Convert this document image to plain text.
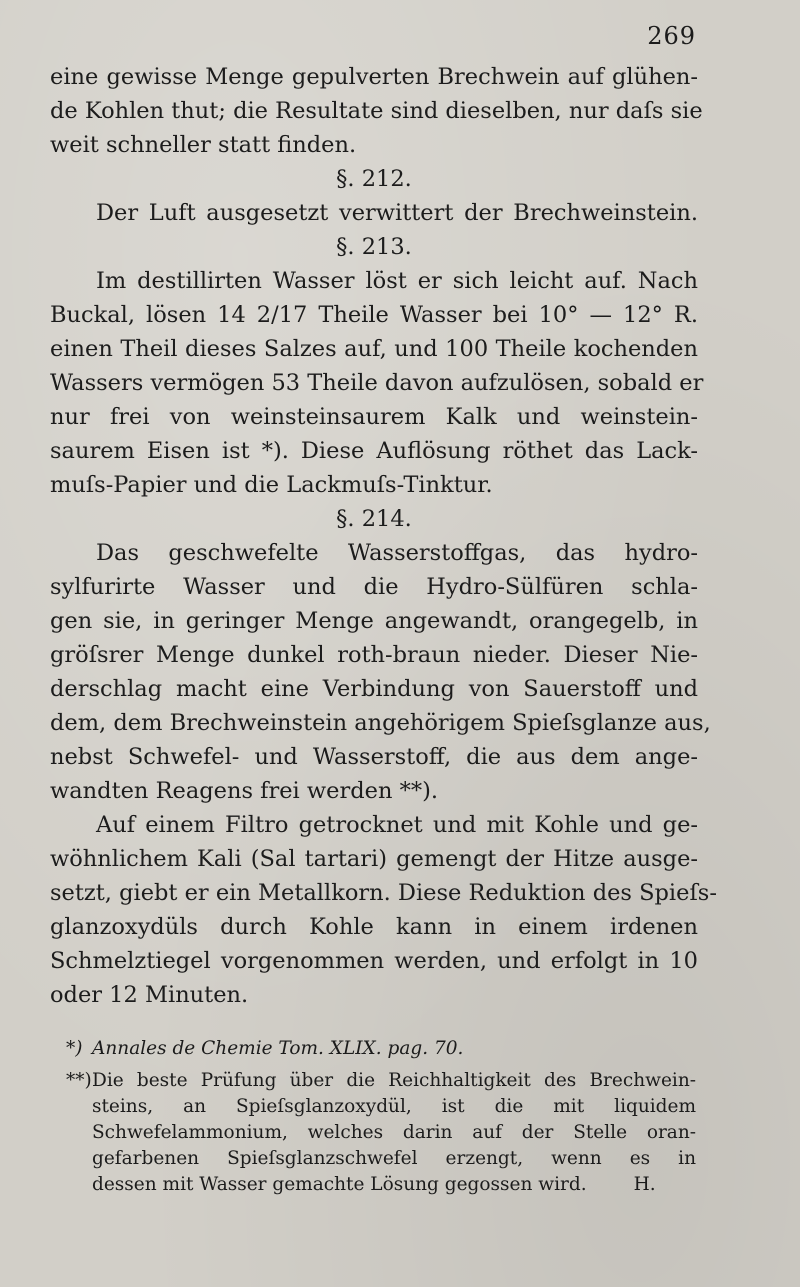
269
eine gewisse Menge gepulverten Brechwein auf glühen-
de Kohlen thut; die Resultate sind dieselben, nur daſs sie
weit schneller statt finden.
§. 212.
Der Luft ausgesetzt verwittert der Brechweinstein.
§. 213.
Im destillirten Wasser löst er sich leicht auf. Nach
Buckal, lösen 14 2/17 Theile Wasser bei 10° — 12° R.
einen Theil dieses Salzes auf, und 100 Theile kochenden
Wassers vermögen 53 Theile davon aufzulösen, sobald er
nur frei von weinsteinsaurem Kalk und weinstein-
saurem Eisen ist *). Diese Auflösung röthet das Lack-
muſs-Papier und die Lackmuſs-Tinktur.
§. 214.
Das geschwefelte Wasserstoffgas, das hydro-
sylfurirte Wasser und die Hydro-Sülfüren schla-
gen sie, in geringer Menge angewandt, orangegelb, in
gröſsrer Menge dunkel roth-braun nieder. Dieser Nie-
derschlag macht eine Verbindung von Sauerstoff und
dem, dem Brechweinstein angehörigem Spieſsglanze aus,
nebst Schwefel- und Wasserstoff, die aus dem ange-
wandten Reagens frei werden **).
Auf einem Filtro getrocknet und mit Kohle und ge-
wöhnlichem Kali (Sal tartari) gemengt der Hitze ausge-
setzt, giebt er ein Metallkorn. Diese Reduktion des Spieſs-
glanzoxydüls durch Kohle kann in einem irdenen
Schmelztiegel vorgenommen werden, und erfolgt in 10
oder 12 Minuten.
*) Annales de Chemie Tom. XLIX. pag. 70.
**)Die beste Prüfung über die Reichhaltigkeit des Brechwein-
steins, an Spieſsglanzoxydül, ist die mit liquidem
Schwefelammonium, welches darin auf der Stelle oran-
gefarbenen Spieſsglanzschwefel erzengt, wenn es in
dessen mit Wasser gemachte Lösung gegossen wird.        H.
